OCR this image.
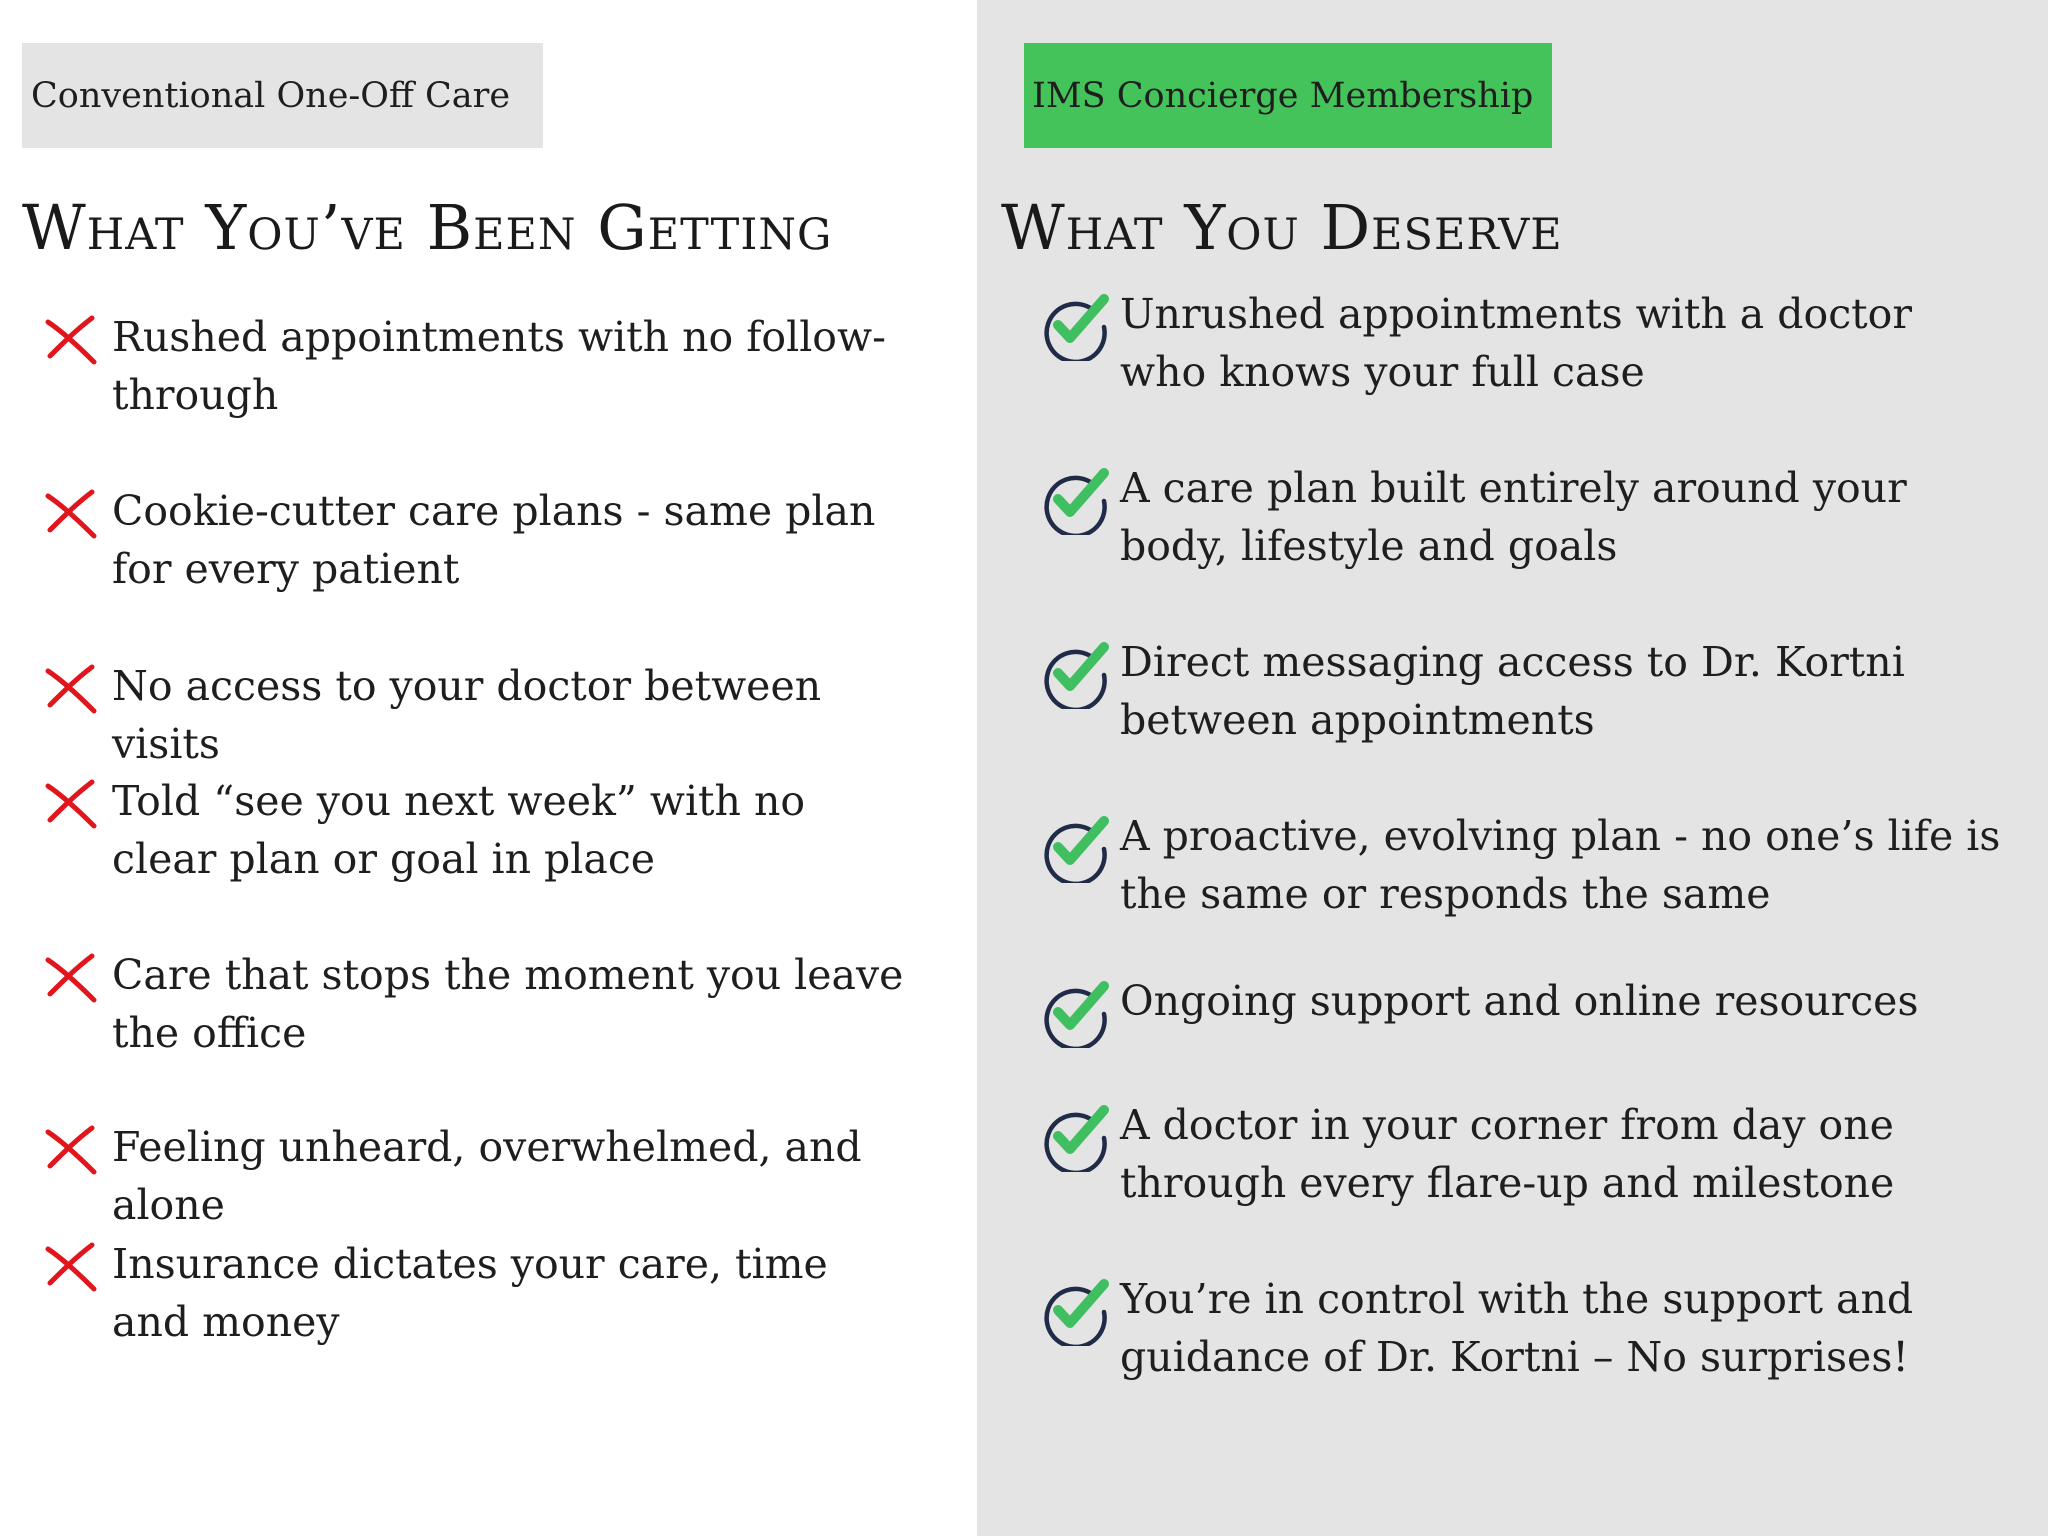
Conventional One-Off Care
What You’ve Been Getting
Rushed appointments with no follow-through
Cookie-cutter care plans - same plan for every patient
No access to your doctor between visits
Told “see you next week” with no clear plan or goal in place
Care that stops the moment you leave the office
Feeling unheard, overwhelmed, and alone
Insurance dictates your care, time and money
IMS Concierge Membership
What You Deserve
Unrushed appointments with a doctor who knows your full case
A care plan built entirely around your body, lifestyle and goals
Direct messaging access to Dr. Kortni between appointments
A proactive, evolving plan - no one’s life is the same or responds the same
Ongoing support and online resources
A doctor in your corner from day one through every flare-up and milestone
You’re in control with the support and guidance of Dr. Kortni – No surprises!
